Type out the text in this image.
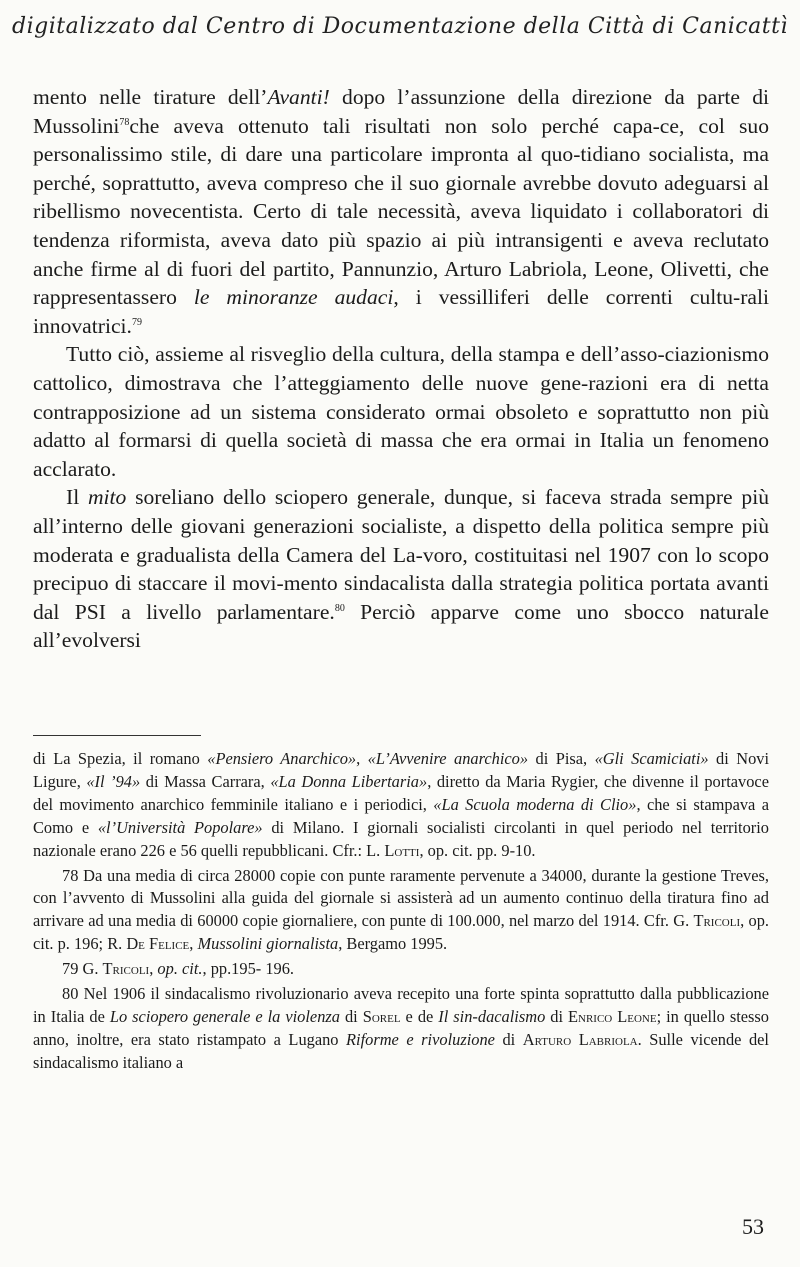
digitalizzato dal Centro di Documentazione della Città di Canicattì

mento nelle tirature dell’Avanti! dopo l’assunzione della direzione da parte di Mussolini$^{78}$che aveva ottenuto tali risultati non solo perché capa-ce, col suo personalissimo stile, di dare una particolare impronta al quo-tidiano socialista, ma perché, soprattutto, aveva compreso che il suo giornale avrebbe dovuto adeguarsi al ribellismo novecentista. Certo di tale necessità, aveva liquidato i collaboratori di tendenza riformista, aveva dato più spazio ai più intransigenti e aveva reclutato anche firme al di fuori del partito, Pannunzio, Arturo Labriola, Leone, Olivetti, che rappresentassero le minoranze audaci, i vessilliferi delle correnti cultu-rali innovatrici.$^{79}$

Tutto ciò, assieme al risveglio della cultura, della stampa e dell’asso-ciazionismo cattolico, dimostrava che l’atteggiamento delle nuove gene-razioni era di netta contrapposizione ad un sistema considerato ormai obsoleto e soprattutto non più adatto al formarsi di quella società di massa che era ormai in Italia un fenomeno acclarato.

Il mito soreliano dello sciopero generale, dunque, si faceva strada sempre più all’interno delle giovani generazioni socialiste, a dispetto della politica sempre più moderata e gradualista della Camera del La-voro, costituitasi nel 1907 con lo scopo precipuo di staccare il movi-mento sindacalista dalla strategia politica portata avanti dal PSI a livello parlamentare.$^{80}$ Perciò apparve come uno sbocco naturale all’evolversi

di La Spezia, il romano «Pensiero Anarchico», «L’Avvenire anarchico» di Pisa, «Gli Scamiciati» di Novi Ligure, «Il ’94» di Massa Carrara, «La Donna Libertaria», diretto da Maria Rygier, che divenne il portavoce del movimento anarchico femminile italiano e i periodici, «La Scuola moderna di Clio», che si stampava a Como e «l’Università Popolare» di Milano. I giornali socialisti circolanti in quel periodo nel territorio nazionale erano 226 e 56 quelli repubblicani. Cfr.: L. Lotti, op. cit. pp. 9-10.

78 Da una media di circa 28000 copie con punte raramente pervenute a 34000, durante la gestione Treves, con l’avvento di Mussolini alla guida del giornale si assisterà ad un aumento continuo della tiratura fino ad arrivare ad una media di 60000 copie giornaliere, con punte di 100.000, nel marzo del 1914. Cfr. G. Tricoli, op. cit. p. 196; R. De Felice, Mussolini giornalista, Bergamo 1995.

79 G. Tricoli, op. cit., pp.195- 196.

80 Nel 1906 il sindacalismo rivoluzionario aveva recepito una forte spinta soprattutto dalla pubblicazione in Italia de Lo sciopero generale e la violenza di Sorel e de Il sin-dacalismo di Enrico Leone; in quello stesso anno, inoltre, era stato ristampato a Lugano Riforme e rivoluzione di Arturo Labriola. Sulle vicende del sindacalismo italiano a

53
